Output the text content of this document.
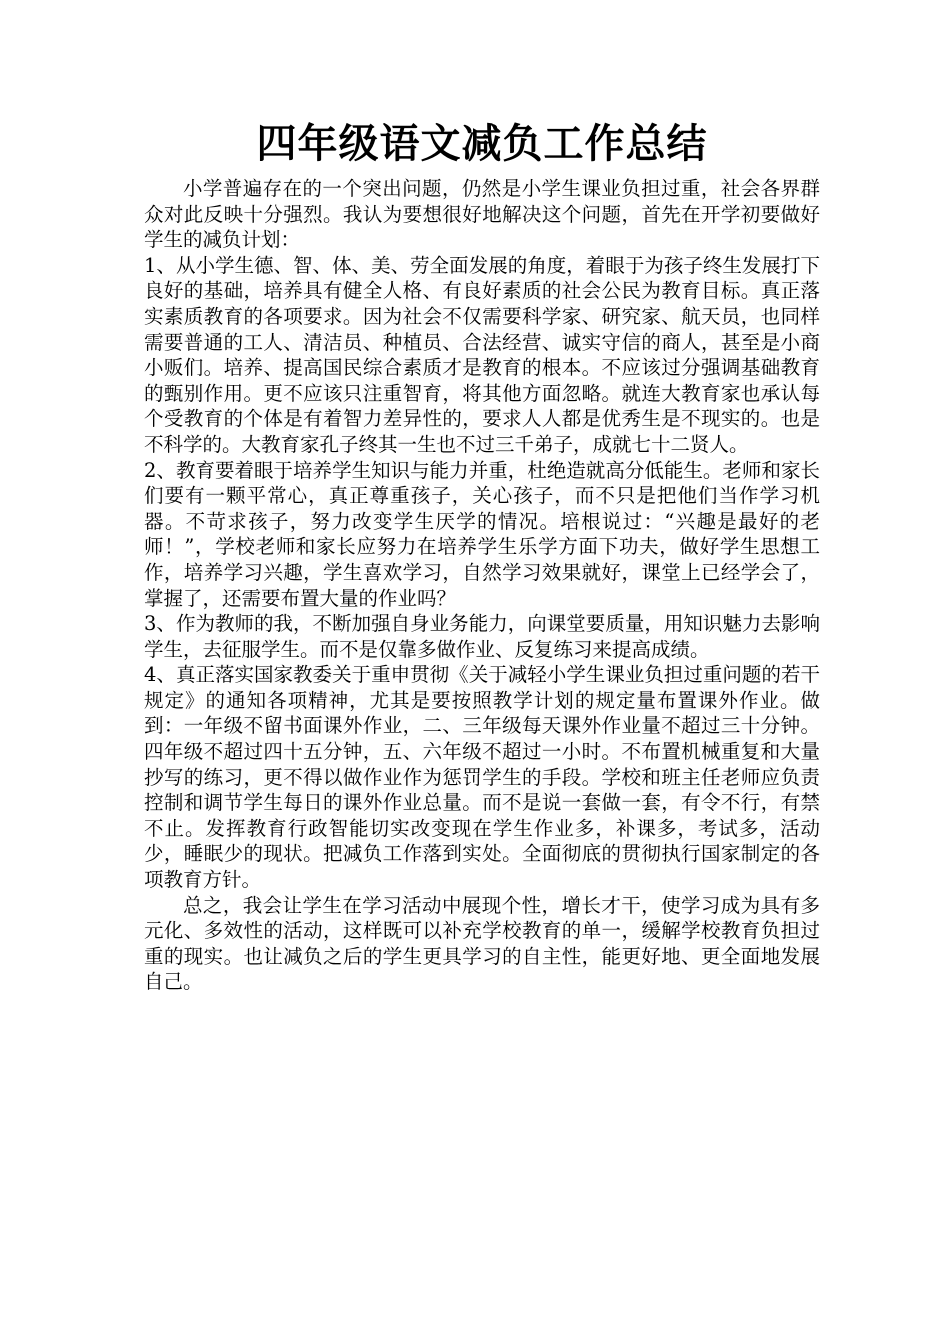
四年级语文减负工作总结

小学普遍存在的一个突出问题，仍然是小学生课业负担过重，社会各界群众对此反映十分强烈。我认为要想很好地解决这个问题，首先在开学初要做好学生的减负计划：

1、从小学生德、智、体、美、劳全面发展的角度，着眼于为孩子终生发展打下良好的基础，培养具有健全人格、有良好素质的社会公民为教育目标。真正落实素质教育的各项要求。因为社会不仅需要科学家、研究家、航天员，也同样需要普通的工人、清洁员、种植员、合法经营、诚实守信的商人，甚至是小商小贩们。培养、提高国民综合素质才是教育的根本。不应该过分强调基础教育的甄别作用。更不应该只注重智育，将其他方面忽略。就连大教育家也承认每个受教育的个体是有着智力差异性的，要求人人都是优秀生是不现实的。也是不科学的。大教育家孔子终其一生也不过三千弟子，成就七十二贤人。

2、教育要着眼于培养学生知识与能力并重，杜绝造就高分低能生。老师和家长们要有一颗平常心，真正尊重孩子，关心孩子，而不只是把他们当作学习机器。不苛求孩子，努力改变学生厌学的情况。培根说过：“兴趣是最好的老师！”，学校老师和家长应努力在培养学生乐学方面下功夫，做好学生思想工作，培养学习兴趣，学生喜欢学习，自然学习效果就好，课堂上已经学会了，掌握了，还需要布置大量的作业吗？

3、作为教师的我，不断加强自身业务能力，向课堂要质量，用知识魅力去影响学生，去征服学生。而不是仅靠多做作业、反复练习来提高成绩。

4、真正落实国家教委关于重申贯彻《关于减轻小学生课业负担过重问题的若干规定》的通知各项精神，尤其是要按照教学计划的规定量布置课外作业。做到：一年级不留书面课外作业，二、三年级每天课外作业量不超过三十分钟。四年级不超过四十五分钟，五、六年级不超过一小时。不布置机械重复和大量抄写的练习，更不得以做作业作为惩罚学生的手段。学校和班主任老师应负责控制和调节学生每日的课外作业总量。而不是说一套做一套，有令不行，有禁不止。发挥教育行政智能切实改变现在学生作业多，补课多，考试多，活动少，睡眠少的现状。把减负工作落到实处。全面彻底的贯彻执行国家制定的各项教育方针。

总之，我会让学生在学习活动中展现个性，增长才干，使学习成为具有多元化、多效性的活动，这样既可以补充学校教育的单一，缓解学校教育负担过重的现实。也让减负之后的学生更具学习的自主性，能更好地、更全面地发展自己。
